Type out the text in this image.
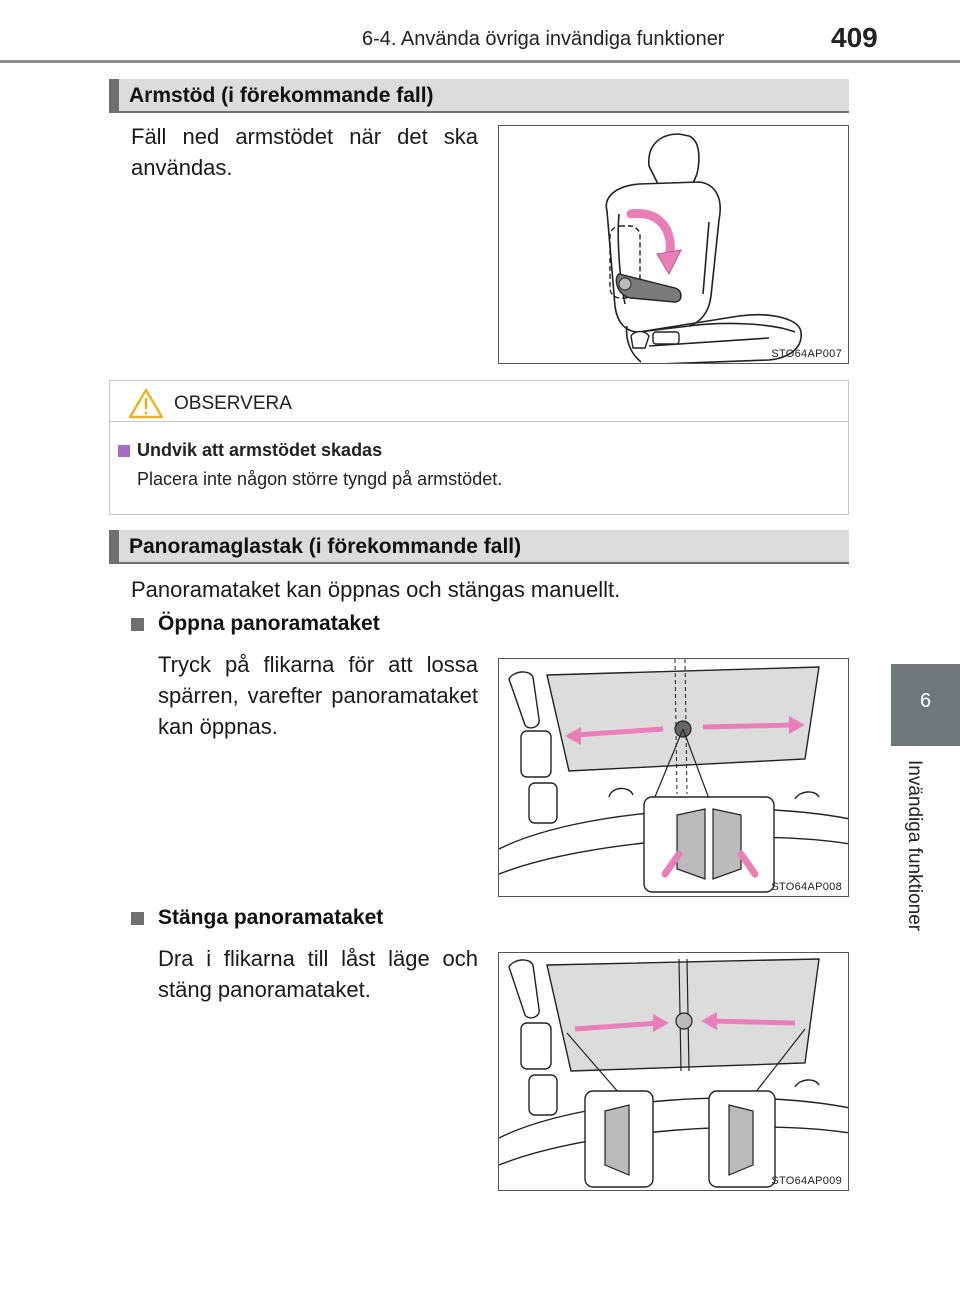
6-4. Använda övriga invändiga funktioner	409
6
Invändiga funktioner
Armstöd (i förekommande fall)
Fäll ned armstödet när det ska användas.
STO64AP007
OBSERVERA
Undvik att armstödet skadas
Placera inte någon större tyngd på armstödet.
Panoramaglastak (i förekommande fall)
Panoramataket kan öppnas och stängas manuellt.
Öppna panoramataket
Tryck på flikarna för att lossa spärren, varefter panoramataket kan öppnas.
STO64AP008
Stänga panoramataket
Dra i flikarna till låst läge och stäng panoramataket.
STO64AP009
